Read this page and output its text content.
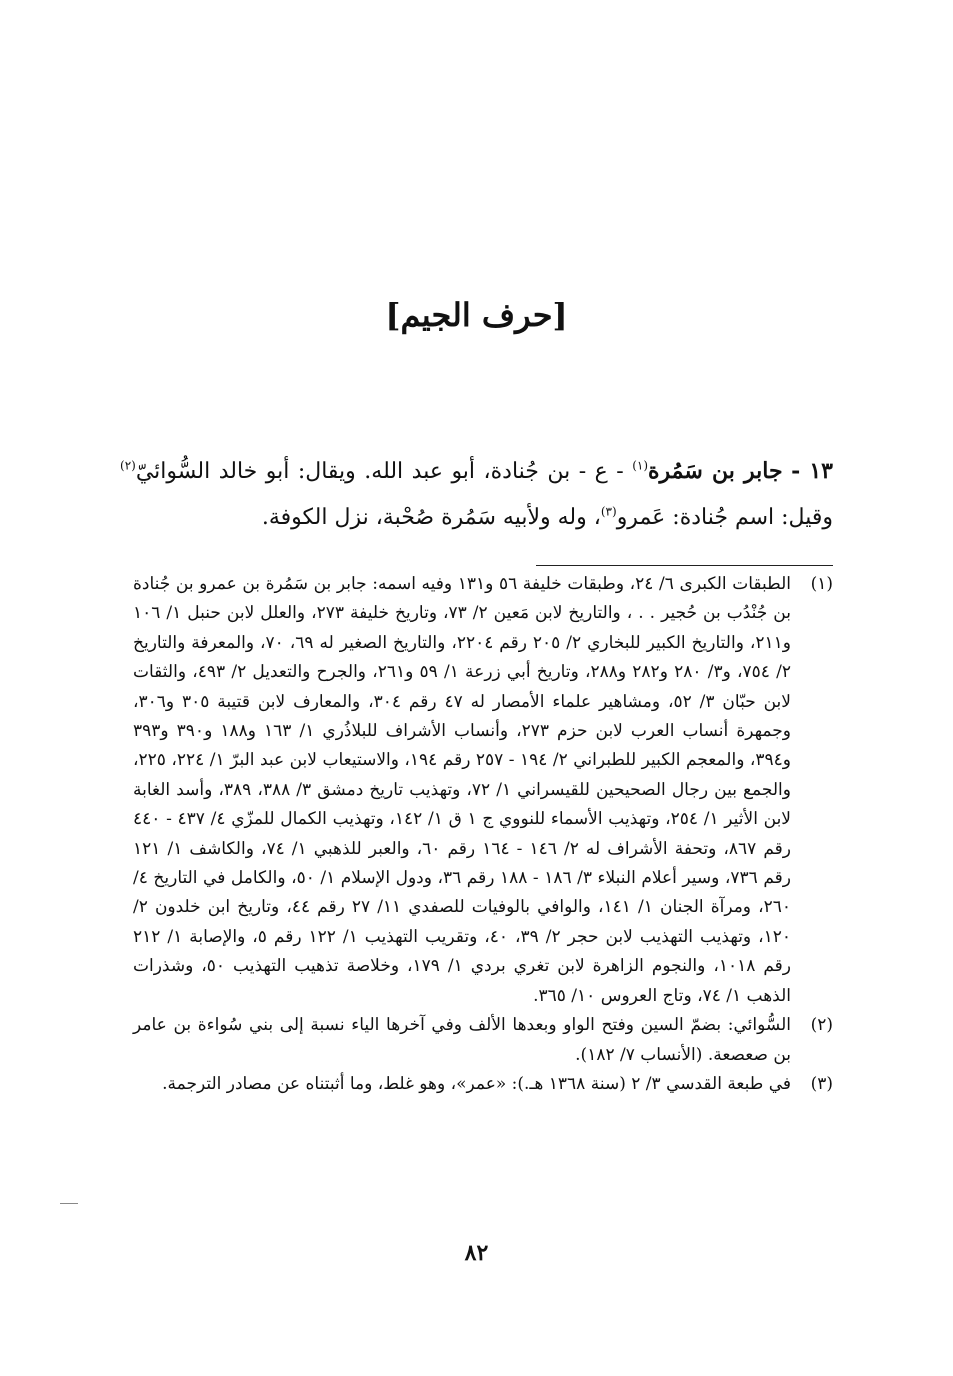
[حرف الجيم]
١٣ - جابر بن سَمُرة$^{(١)}$ - ع - بن جُنادة، أبو عبد الله. ويقال: أبو خالد السُّوائيّ$^{(٢)}$ وقيل: اسم جُنادة: عَمرو$^{(٣)}$، وله ولأبيه سَمُرة صُحْبة، نزل الكوفة.
(١)
الطبقات الكبرى ٦/ ٢٤، وطبقات خليفة ٥٦ و١٣١ وفيه اسمه: جابر بن سَمُرة بن عمرو بن جُنادة بن جُنْدُب بن حُجير . . ، والتاريخ لابن مَعين ٢/ ٧٣، وتاريخ خليفة ٢٧٣، والعلل لابن حنبل ١/ ١٠٦ و٢١١، والتاريخ الكبير للبخاري ٢/ ٢٠٥ رقم ٢٢٠٤، والتاريخ الصغير له ٦٩، ٧٠، والمعرفة والتاريخ ٢/ ٧٥٤، و٣/ ٢٨٠ و٢٨٢ و٢٨٨، وتاريخ أبي زرعة ١/ ٥٩ و٢٦١، والجرح والتعديل ٢/ ٤٩٣، والثقات لابن حبّان ٣/ ٥٢، ومشاهير علماء الأمصار له ٤٧ رقم ٣٠٤، والمعارف لابن قتيبة ٣٠٥ و٣٠٦، وجمهرة أنساب العرب لابن حزم ٢٧٣، وأنساب الأشراف للبلاذُري ١/ ١٦٣ و١٨٨ و٣٩٠ و٣٩٣ و٣٩٤، والمعجم الكبير للطبراني ٢/ ١٩٤ - ٢٥٧ رقم ١٩٤، والاستيعاب لابن عبد البرّ ١/ ٢٢٤، ٢٢٥، والجمع بين رجال الصحيحين للقيسراني ١/ ٧٢، وتهذيب تاريخ دمشق ٣/ ٣٨٨، ٣٨٩، وأسد الغابة لابن الأثير ١/ ٢٥٤، وتهذيب الأسماء للنووي ج ١ ق ١/ ١٤٢، وتهذيب الكمال للمزّي ٤/ ٤٣٧ - ٤٤٠ رقم ٨٦٧، وتحفة الأشراف له ٢/ ١٤٦ - ١٦٤ رقم ٦٠، والعبر للذهبي ١/ ٧٤، والكاشف ١/ ١٢١ رقم ٧٣٦، وسير أعلام النبلاء ٣/ ١٨٦ - ١٨٨ رقم ٣٦، ودول الإسلام ١/ ٥٠، والكامل في التاريخ ٤/ ٢٦٠، ومرآة الجنان ١/ ١٤١، والوافي بالوفيات للصفدي ١١/ ٢٧ رقم ٤٤، وتاريخ ابن خلدون ٢/ ١٢٠، وتهذيب التهذيب لابن حجر ٢/ ٣٩، ٤٠، وتقريب التهذيب ١/ ١٢٢ رقم ٥، والإصابة ١/ ٢١٢ رقم ١٠١٨، والنجوم الزاهرة لابن تغري بردي ١/ ١٧٩، وخلاصة تذهيب التهذيب ٥٠، وشذرات الذهب ١/ ٧٤، وتاج العروس ١٠/ ٣٦٥.
(٢)
السُّوائي: بضمّ السين وفتح الواو وبعدها الألف وفي آخرها الياء نسبة إلى بني سُواءة بن عامر بن صعصعة. (الأنساب ٧/ ١٨٢).
(٣)
في طبعة القدسي ٣/ ٢ (سنة ١٣٦٨ هـ.): «عمر»، وهو غلط، وما أثبتناه عن مصادر الترجمة.
٨٢
